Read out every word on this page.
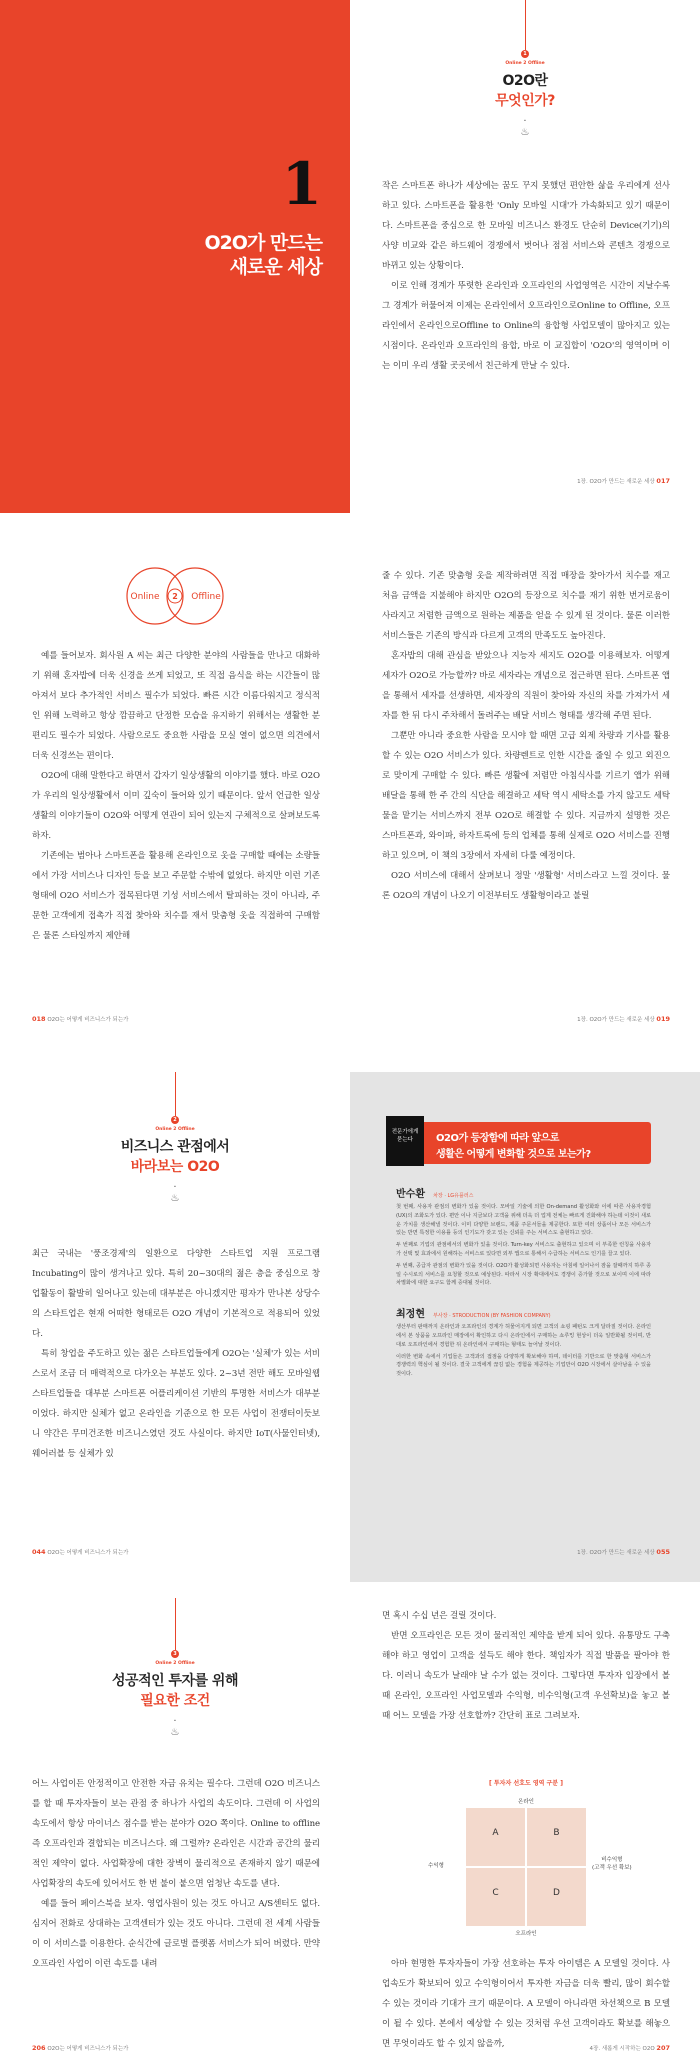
1
O2O가 만드는
새로운 세상
1
Online 2 Offline
O2O란
무엇인가?
·
♨

작은 스마트폰 하나가 세상에는 꿈도 꾸지 못했던 편안한 삶을 우리에게 선사하고 있다. 스마트폰을 활용한 'Only 모바일 시대'가 가속화되고 있기 때문이다. 스마트폰을 중심으로 한 모바일 비즈니스 환경도 단순히 Device(기기)의 사양 비교와 같은 하드웨어 경쟁에서 벗어나 점점 서비스와 콘텐츠 경쟁으로 바뀌고 있는 상황이다.

이로 인해 경계가 뚜렷한 온라인과 오프라인의 사업영역은 시간이 지날수록 그 경계가 허물어져 이제는 온라인에서 오프라인으로Online to Offline, 오프라인에서 온라인으로Offline to Online의 융합형 사업모델이 많아지고 있는 시점이다. 온라인과 오프라인의 융합, 바로 이 교집합이 'O2O'의 영역이며 이는 이미 우리 생활 곳곳에서 친근하게 만날 수 있다.

1장. O2O가 만드는 새로운 세상 017
Online 2 Offline

예를 들어보자. 회사원 A 씨는 최근 다양한 분야의 사람들을 만나고 대화하기 위해 혼자밥에 더욱 신경을 쓰게 되었고, 또 직접 음식을 하는 시간들이 많아져서 보다 추가적인 서비스 필수가 되었다. 빠른 시간 이름다워지고 정식적인 위해 노력하고 항상 깜끔하고 단정한 모습을 유지하기 위해서는 생활한 분 편리도 필수가 되었다. 사람으로도 중요한 사람을 모실 열이 없으면 의견에서 더욱 신경쓰는 편이다.

O2O에 대해 말한다고 하면서 갑자기 일상생활의 이야기를 했다. 바로 O2O가 우리의 일상생활에서 이미 깊숙이 들어와 있기 때문이다. 앞서 언급한 일상생활의 이야기들이 O2O와 어떻게 연관이 되어 있는지 구체적으로 살펴보도록 하자.

기존에는 범아나 스마트폰을 활용해 온라인으로 옷을 구매할 때에는 소량들에서 가장 서비스나 디자인 등을 보고 주문할 수밖에 없었다. 하지만 이런 기존 형태에 O2O 서비스가 접목된다면 기성 서비스에서 탈피하는 것이 아니라, 주문한 고객에게 접촉가 직접 찾아와 치수를 재서 맞춤형 옷을 직접하여 구매함은 물론 스타일까지 제안해

018 O2O는 어떻게 비즈니스가 되는가

줄 수 있다. 기존 맞춤형 옷을 제작하려면 직접 매장을 찾아가서 치수를 재고 처음 금액을 지불해야 하지만 O2O의 등장으로 치수를 재기 위한 번거로움이 사라지고 저렴한 금액으로 원하는 제품을 얻을 수 있게 된 것이다. 물론 이러한 서비스들은 기존의 방식과 다르게 고객의 만족도도 높아진다.

혼자밥의 대해 관심을 받았으나 지능자 세지도 O2O를 이용해보자. 어떻게 세자가 O2O로 가능할까? 바로 세자라는 개념으로 접근하면 된다. 스마트폰 앱을 통해서 세자를 선생하면, 세자장의 직원이 찾아와 자신의 차를 가져가서 세자를 한 뒤 다시 주차해서 돌려주는 배달 서비스 형태를 생각해 주면 된다.

그뿐만 아니라 중요한 사람을 모시야 할 때면 고급 외제 차량과 기사를 활용할 수 있는 O2O 서비스가 있다. 차량렌트로 인한 시간을 줄일 수 있고 외진으로 맞이게 구매할 수 있다. 빠른 생활에 저렴만 아침식사를 기르기 앱가 위해 배달을 통해 한 주 간의 식단을 해결하고 세탁 역시 세탁소를 가지 않고도 세탁물을 맡기는 서비스까지 전부 O2O로 해결할 수 있다. 지금까지 설명한 것은 스마트폰과, 와이파, 하자트록에 등의 업체를 통해 실제로 O2O 서비스를 진행하고 있으며, 이 책의 3장에서 자세히 다룰 예정이다.

O2O 서비스에 대해서 살펴보니 정말 '생활형' 서비스라고 느낄 것이다. 물론 O2O의 개념이 나오기 이전부터도 생활형이라고 불릴

1장. O2O가 만드는 새로운 세상 019
2
Online 2 Offline
비즈니스 관점에서
바라보는 O2O
·
♨

최근 국내는 '풍조경제'의 일환으로 다양한 스타트업 지원 프로그램 Incubating이 많이 생겨나고 있다. 특히 20~30대의 젊은 층을 중심으로 창업활동이 활발히 일어나고 있는데 대부분은 아니겠지만 평자가 만나본 상당수의 스타트업은 현재 어떠한 형태로든 O2O 개념이 기본적으로 적용되어 있었다.

특히 창업을 주도하고 있는 젊은 스타트업들에게 O2O는 '실체'가 있는 서비스로서 조금 더 매력적으로 다가오는 부분도 있다. 2~3년 전만 해도 모바일웹 스타트업들을 대부분 스마트폰 어플리케이션 기반의 투명한 서비스가 대부분이었다. 하지만 실체가 없고 온라인을 기준으로 한 모든 사업이 전쟁터이듯보니 약간은 무미건조한 비즈니스였던 것도 사실이다. 하지만 IoT(사물인터넷), 웨어러블 등 실체가 있

044 O2O는 어떻게 비즈니스가 되는가
전문가에게 묻는다	O2O가 등장함에 따라 앞으로
생활은 어떻게 변화할 것으로 보는가?
반수환 차장 · LG유플러스

첫 번째, 사용자 관점의 변화가 있을 것이다. 모바일 기술에 의한 On-demand 활성화와 이에 따른 사용자경험(UX)의 조화도가 있다. 편안 이나 지금보다 고객을 위해 더욱 더 업계 전체는 빠르게 진화해야 하는데 이것이 새로운 가치를 생산해낼 것이다. 이미 다양한 브랜드, 제품 주문서들을 제공한다. 또한 여러 상품이나 모든 서비스가 있는 반면 특정한 이용률 등의 인기도가 갖고 있는 신뢰를 주는 서비스도 출현하고 있다.

두 번째로 기업의 관점에서의 변화가 있을 것이다. Turn-key 서비스도 출현하고 있으며 이 부족한 런칭을 사용자가 선택 및 효과에서 원해하는 서비스로 있다면 외부 앱으로 통해서 수급하는 서비스도 인기를 끌고 있다.

두 번째, 공급자 관점의 변화가 있을 것이다. O2O가 활성화되면 사용자는 아침에 일어나서 잠을 잘때까지 하루 종일 수시로의 서비스를 요청할 것으로 예상된다. 따라서 시장 확대에서도 경쟁이 증가할 것으로 보이며 이에 따라 차별화에 대한 요구도 함께 증대될 것이다.

최정현 부사장 · STRODUCTION (BY FASHION COMPANY)

생산부터 판매까지 온라인과 오프라인의 경계가 허물어지게 되면 고객의 쇼핑 패턴도 크게 달라질 것이다. 온라인에서 본 상품을 오프라인 매장에서 확인하고 다시 온라인에서 구매하는 쇼루밍 현상이 더욱 일반화될 것이며, 반대로 오프라인에서 경험한 뒤 온라인에서 구매하는 형태도 늘어날 것이다.

이러한 변화 속에서 기업들은 고객과의 접점을 다양하게 확보해야 하며, 데이터를 기반으로 한 맞춤형 서비스가 경쟁력의 핵심이 될 것이다. 결국 고객에게 끊김 없는 경험을 제공하는 기업만이 O2O 시장에서 살아남을 수 있을 것이다.

1장. O2O가 만드는 새로운 세상 055
3
Online 2 Offline
성공적인 투자를 위해
필요한 조건
·
♨

어느 사업이든 안정적이고 안전한 자금 유치는 필수다. 그런데 O2O 비즈니스를 할 때 투자자들이 보는 관점 중 하나가 사업의 속도이다. 그런데 이 사업의 속도에서 항상 마이너스 점수를 받는 분야가 O2O 쪽이다. Online to offline 즉 오프라인과 결합되는 비즈니스다. 왜 그럴까? 온라인은 시간과 공간의 물리적인 제약이 없다. 사업확장에 대한 장벽이 물리적으로 존재하지 않기 때문에 사업확장의 속도에 있어서도 한 번 불이 붙으면 엄청난 속도를 낸다.

예를 들어 페이스북을 보자. 영업사원이 있는 것도 아니고 A/S센터도 없다. 심지어 전화로 상대하는 고객센터가 있는 것도 아니다. 그런데 전 세계 사람들이 이 서비스를 이용한다. 순식간에 글로벌 플랫폼 서비스가 되어 버렸다. 만약 오프라인 사업이 이런 속도를 내려

206 O2O는 어떻게 비즈니스가 되는가

면 혹시 수십 년은 걸릴 것이다.

반면 오프라인은 모든 것이 물리적인 제약을 받게 되어 있다. 유통망도 구축해야 하고 영업이 고객을 설득도 해야 한다. 책임자가 직접 발품을 팔아야 한다. 이러니 속도가 날래야 날 수가 없는 것이다. 그렇다면 투자자 입장에서 볼 때 온라인, 오프라인 사업모델과 수익형, 비수익형(고객 우선확보)을 놓고 볼 때 어느 모델을 가장 선호할까? 간단히 표로 그려보자.

[ 투자자 선호도 영역 구분 ]
온라인
오프라인
수익형
비수익형
(고객 우선 확보)
A	B
C	D

아마 현명한 투자자들이 가장 선호하는 투자 아이템은 A 모델일 것이다. 사업속도가 확보되어 있고 수익형이어서 투자한 자금을 더욱 빨리, 많이 회수할 수 있는 것이라 기대가 크기 때문이다. A 모델이 아니라면 차선책으로 B 모델이 될 수 있다. 본에서 예상할 수 있는 것처럼 우선 고객이라도 확보를 해놓으면 무엇이라도 할 수 있지 않을까,	4장. 새롭게 시작하는 O2O 207
